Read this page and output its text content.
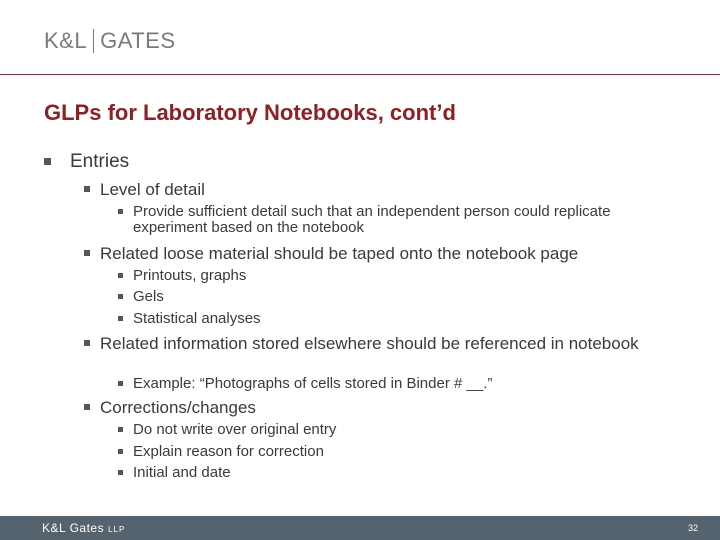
K&L GATES
GLPs for Laboratory Notebooks, cont’d
Entries
Level of detail
Provide sufficient detail such that an independent person could replicate experiment based on the notebook
Related loose material should be taped onto the notebook page
Printouts, graphs
Gels
Statistical analyses
Related information stored elsewhere should be referenced in notebook
Example: “Photographs of cells stored in Binder # __.”
Corrections/changes
Do not write over original entry
Explain reason for correction
Initial and date
K&L Gates LLP	32
